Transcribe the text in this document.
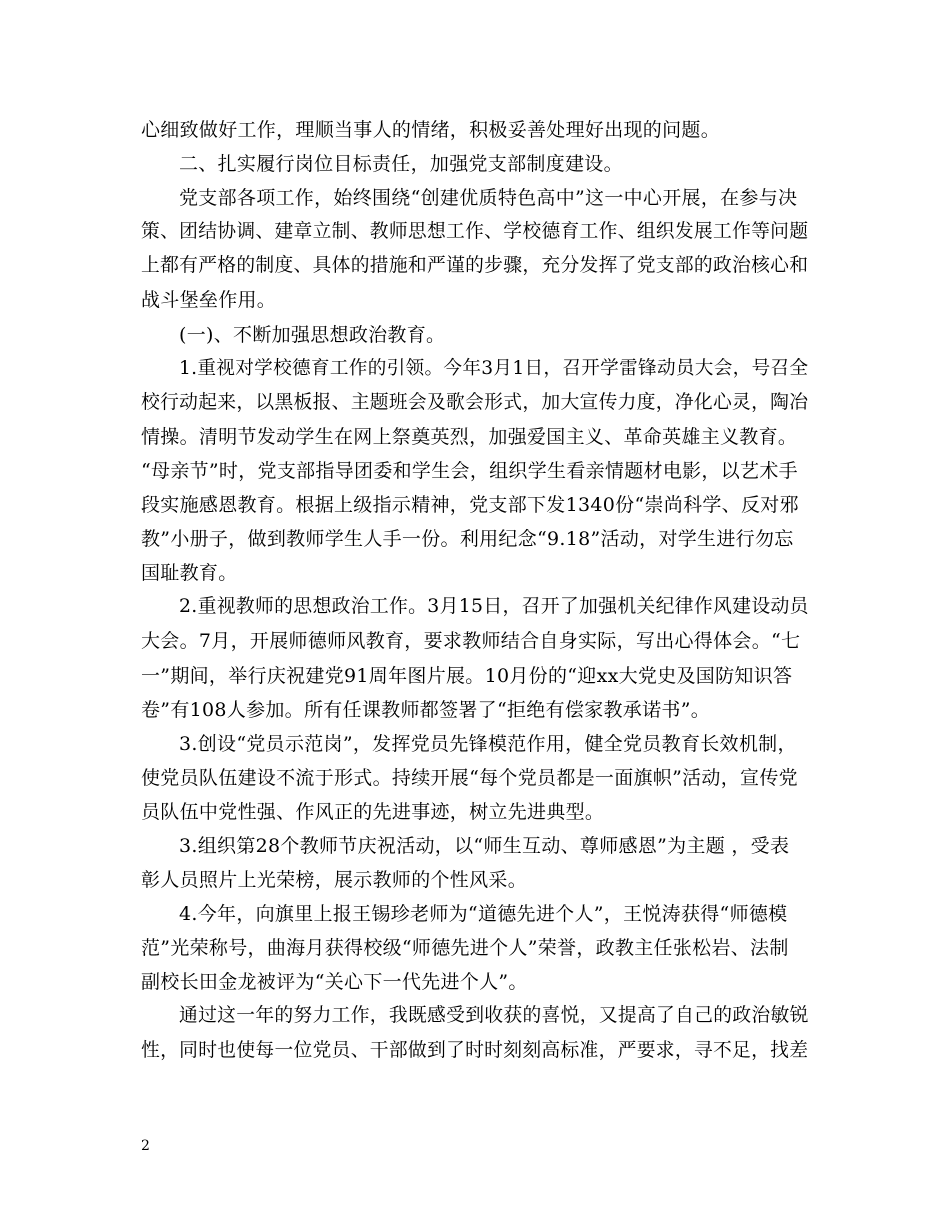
心细致做好工作，理顺当事人的情绪，积极妥善处理好出现的问题。
二、扎实履行岗位目标责任，加强党支部制度建设。
党支部各项工作，始终围绕“创建优质特色高中”这一中心开展，在参与决
策、团结协调、建章立制、教师思想工作、学校德育工作、组织发展工作等问题
上都有严格的制度、具体的措施和严谨的步骤，充分发挥了党支部的政治核心和
战斗堡垒作用。
(一)、不断加强思想政治教育。
1.重视对学校德育工作的引领。今年3月1日，召开学雷锋动员大会，号召全
校行动起来，以黑板报、主题班会及歌会形式，加大宣传力度，净化心灵，陶冶
情操。清明节发动学生在网上祭奠英烈，加强爱国主义、革命英雄主义教育。
“母亲节”时，党支部指导团委和学生会，组织学生看亲情题材电影，以艺术手
段实施感恩教育。根据上级指示精神，党支部下发1340份“崇尚科学、反对邪
教”小册子，做到教师学生人手一份。利用纪念“9.18”活动，对学生进行勿忘
国耻教育。
2.重视教师的思想政治工作。3月15日，召开了加强机关纪律作风建设动员
大会。7月，开展师德师风教育，要求教师结合自身实际，写出心得体会。“七
一”期间，举行庆祝建党91周年图片展。10月份的“迎xx大党史及国防知识答
卷”有108人参加。所有任课教师都签署了“拒绝有偿家教承诺书”。
3.创设“党员示范岗”，发挥党员先锋模范作用，健全党员教育长效机制，
使党员队伍建设不流于形式。持续开展“每个党员都是一面旗帜”活动，宣传党
员队伍中党性强、作风正的先进事迹，树立先进典型。
3.组织第28个教师节庆祝活动，以“师生互动、尊师感恩”为主题 ，受表
彰人员照片上光荣榜，展示教师的个性风采。
4.今年，向旗里上报王锡珍老师为“道德先进个人”，王悦涛获得“师德模
范”光荣称号，曲海月获得校级“师德先进个人”荣誉，政教主任张松岩、法制
副校长田金龙被评为“关心下一代先进个人”。
通过这一年的努力工作，我既感受到收获的喜悦，又提高了自己的政治敏锐
性，同时也使每一位党员、干部做到了时时刻刻高标准，严要求，寻不足，找差
2
